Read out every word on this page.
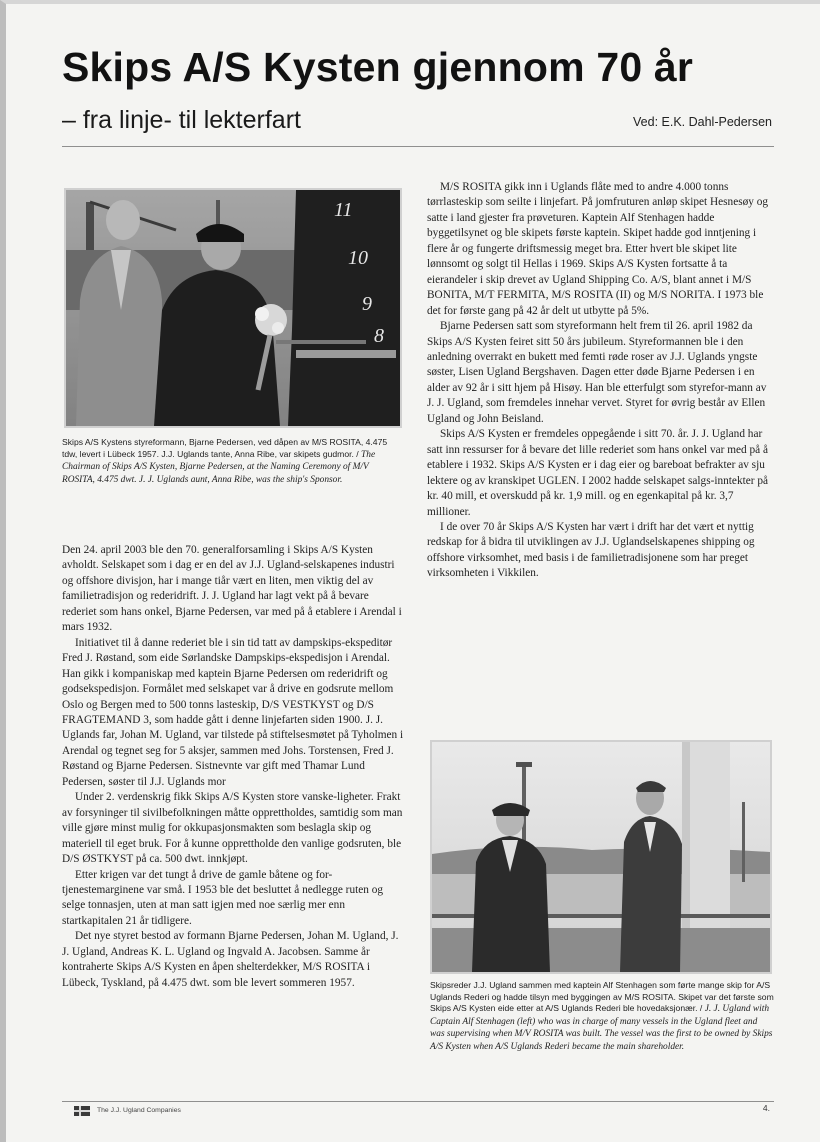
Skips A/S Kysten gjennom 70 år
– fra linje- til lekterfart	Ved: E.K. Dahl-Pedersen
11
10
9
8
Skips A/S Kystens styreformann, Bjarne Pedersen, ved dåpen av M/S ROSITA, 4.475 tdw, levert i Lübeck 1957. J.J. Uglands tante, Anna Ribe, var skipets gudmor. / The Chairman of Skips A/S Kysten, Bjarne Pedersen, at the Naming Ceremony of M/V ROSITA, 4.475 dwt. J. J. Uglands aunt, Anna Ribe, was the ship's Sponsor.

M/S ROSITA gikk inn i Uglands flåte med to andre 4.000 tonns tørrlasteskip som seilte i linjefart. På jomfruturen anløp skipet Hesnesøy og satte i land gjester fra prøveturen. Kaptein Alf Stenhagen hadde byggetilsynet og ble skipets første kaptein. Skipet hadde god inntjening i flere år og fungerte driftsmessig meget bra. Etter hvert ble skipet lite lønnsomt og solgt til Hellas i 1969. Skips A/S Kysten fortsatte å ta eierandeler i skip drevet av Ugland Shipping Co. A/S, blant annet i M/S BONITA, M/T FERMITA, M/S ROSITA (II) og M/S NORITA. I 1973 ble det for første gang på 42 år delt ut utbytte på 5%.

Bjarne Pedersen satt som styreformann helt frem til 26. april 1982 da Skips A/S Kysten feiret sitt 50 års jubileum. Styreformannen ble i den anledning overrakt en bukett med femti røde roser av J.J. Uglands yngste søster, Lisen Ugland Bergshaven. Dagen etter døde Bjarne Pedersen i en alder av 92 år i sitt hjem på Hisøy. Han ble etterfulgt som styrefor-mann av J. J. Ugland, som fremdeles innehar vervet. Styret for øvrig består av Ellen Ugland og John Beisland.

Skips A/S Kysten er fremdeles oppegående i sitt 70. år. J. J. Ugland har satt inn ressurser for å bevare det lille rederiet som hans onkel var med på å etablere i 1932. Skips A/S Kysten er i dag eier og bareboat befrakter av sju lektere og av kranskipet UGLEN. I 2002 hadde selskapet salgs-inntekter på kr. 40 mill, et overskudd på kr. 1,9 mill. og en egenkapital på kr. 3,7 millioner.

I de over 70 år Skips A/S Kysten har vært i drift har det vært et nyttig redskap for å bidra til utviklingen av J.J. Uglandselskapenes shipping og offshore virksomhet, med basis i de familietradisjonene som har preget virksomheten i Vikkilen.

Den 24. april 2003 ble den 70. generalforsamling i Skips A/S Kysten avholdt. Selskapet som i dag er en del av J.J. Ugland-selskapenes industri og offshore divisjon, har i mange tiår vært en liten, men viktig del av familietradisjon og rederidrift. J. J. Ugland har lagt vekt på å bevare rederiet som hans onkel, Bjarne Pedersen, var med på å etablere i Arendal i mars 1932.

Initiativet til å danne rederiet ble i sin tid tatt av dampskips-ekspeditør Fred J. Røstand, som eide Sørlandske Dampskips-ekspedisjon i Arendal. Han gikk i kompaniskap med kaptein Bjarne Pedersen om rederidrift og godsekspedisjon. Formålet med selskapet var å drive en godsrute mellom Oslo og Bergen med to 500 tonns lasteskip, D/S VESTKYST og D/S FRAGTEMAND 3, som hadde gått i denne linjefarten siden 1900. J. J. Uglands far, Johan M. Ugland, var tilstede på stiftelsesmøtet på Tyholmen i Arendal og tegnet seg for 5 aksjer, sammen med Johs. Torstensen, Fred J. Røstand og Bjarne Pedersen. Sistnevnte var gift med Thamar Lund Pedersen, søster til J.J. Uglands mor

Under 2. verdenskrig fikk Skips A/S Kysten store vanske-ligheter. Frakt av forsyninger til sivilbefolkningen måtte opprettholdes, samtidig som man ville gjøre minst mulig for okkupasjonsmakten som beslagla skip og materiell til eget bruk. For å kunne opprettholde den vanlige godsruten, ble D/S ØSTKYST på ca. 500 dwt. innkjøpt.

Etter krigen var det tungt å drive de gamle båtene og for-tjenestemarginene var små. I 1953 ble det besluttet å nedlegge ruten og selge tonnasjen, uten at man satt igjen med noe særlig mer enn startkapitalen 21 år tidligere.

Det nye styret bestod av formann Bjarne Pedersen, Johan M. Ugland, J. J. Ugland, Andreas K. L. Ugland og Ingvald A. Jacobsen. Samme år kontraherte Skips A/S Kysten en åpen shelterdekker, M/S ROSITA i Lübeck, Tyskland, på 4.475 dwt. som ble levert sommeren 1957.	Skipsreder J.J. Ugland sammen med kaptein Alf Stenhagen som førte mange skip for A/S Uglands Rederi og hadde tilsyn med byggingen av M/S ROSITA. Skipet var det første som Skips A/S Kysten eide etter at A/S Uglands Rederi ble hovedaksjonær. / J. J. Ugland with Captain Alf Stenhagen (left) who was in charge of many vessels in the Ugland fleet and was supervising when M/V ROSITA was built. The vessel was the first to be owned by Skips A/S Kysten when A/S Uglands Rederi became the main shareholder.
The J.J. Ugland Companies	4.
